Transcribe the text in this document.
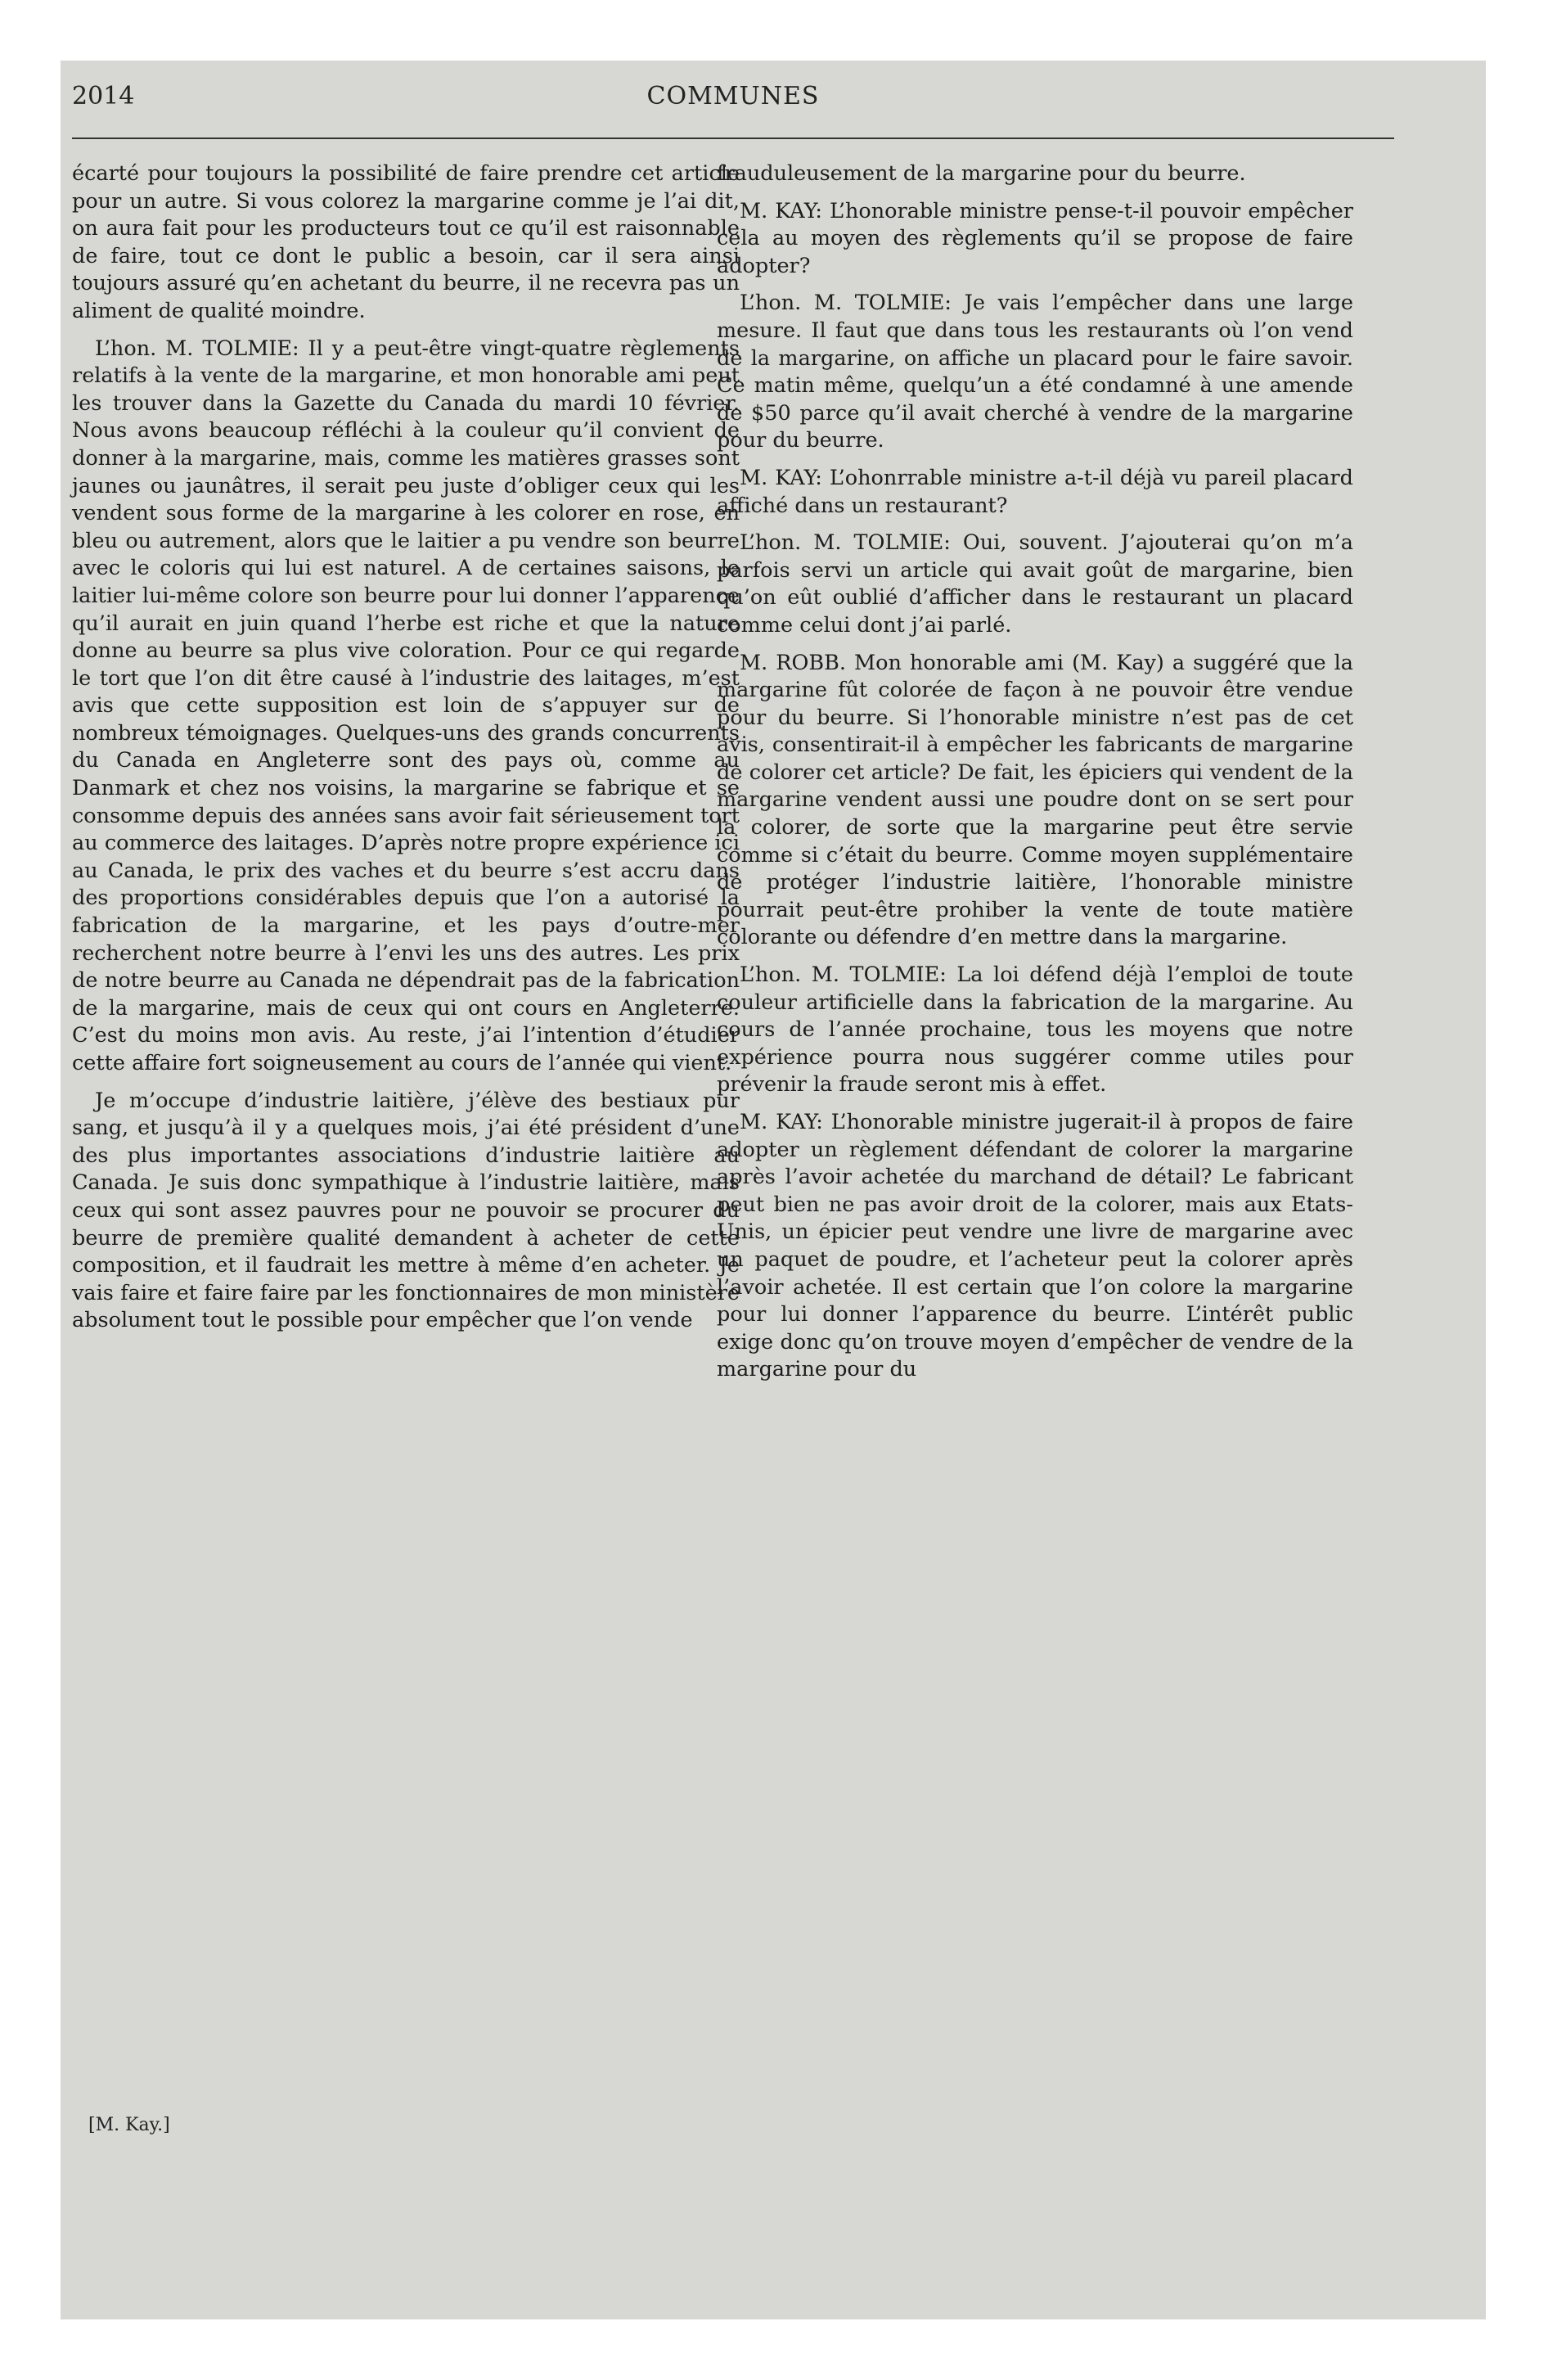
2014	COMMUNES

écarté pour toujours la possibilité de faire prendre cet article pour un autre. Si vous colorez la margarine comme je l’ai dit, on aura fait pour les producteurs tout ce qu’il est raisonnable de faire, tout ce dont le public a besoin, car il sera ainsi toujours assuré qu’en achetant du beurre, il ne recevra pas un aliment de qualité moindre.

L’hon. M. TOLMIE: Il y a peut-être vingt-quatre règlements relatifs à la vente de la margarine, et mon honorable ami peut les trouver dans la Gazette du Canada du mardi 10 février. Nous avons beaucoup réfléchi à la couleur qu’il convient de donner à la margarine, mais, comme les matières grasses sont jaunes ou jaunâtres, il serait peu juste d’obliger ceux qui les vendent sous forme de la margarine à les colorer en rose, en bleu ou autrement, alors que le laitier a pu vendre son beurre avec le coloris qui lui est naturel. A de certaines saisons, le laitier lui-même colore son beurre pour lui donner l’apparence qu’il aurait en juin quand l’herbe est riche et que la nature donne au beurre sa plus vive coloration. Pour ce qui regarde le tort que l’on dit être causé à l’industrie des laitages, m’est avis que cette supposition est loin de s’appuyer sur de nombreux témoignages. Quelques-uns des grands concurrents du Canada en Angleterre sont des pays où, comme au Danmark et chez nos voisins, la margarine se fabrique et se consomme depuis des années sans avoir fait sérieusement tort au commerce des laitages. D’après notre propre expérience ici au Canada, le prix des vaches et du beurre s’est accru dans des proportions considérables depuis que l’on a autorisé la fabrication de la margarine, et les pays d’outre-mer recherchent notre beurre à l’envi les uns des autres. Les prix de notre beurre au Canada ne dépendrait pas de la fabrication de la margarine, mais de ceux qui ont cours en Angleterre. C’est du moins mon avis. Au reste, j’ai l’intention d’étudier cette affaire fort soigneusement au cours de l’année qui vient.

Je m’occupe d’industrie laitière, j’élève des bestiaux pur sang, et jusqu’à il y a quelques mois, j’ai été président d’une des plus importantes associations d’industrie laitière au Canada. Je suis donc sympathique à l’industrie laitière, mais ceux qui sont assez pauvres pour ne pouvoir se procurer du beurre de première qualité demandent à acheter de cette composition, et il faudrait les mettre à même d’en acheter. Je vais faire et faire faire par les fonctionnaires de mon ministère absolument tout le possible pour empêcher que l’on vende

frauduleusement de la margarine pour du beurre.

M. KAY: L’honorable ministre pense-t-il pouvoir empêcher cela au moyen des règlements qu’il se propose de faire adopter?

L’hon. M. TOLMIE: Je vais l’empêcher dans une large mesure. Il faut que dans tous les restaurants où l’on vend de la margarine, on affiche un placard pour le faire savoir. Ce matin même, quelqu’un a été condamné à une amende de $50 parce qu’il avait cherché à vendre de la margarine pour du beurre.

M. KAY: L’ohonrrable ministre a-t-il déjà vu pareil placard affiché dans un restaurant?

L’hon. M. TOLMIE: Oui, souvent. J’ajouterai qu’on m’a parfois servi un article qui avait goût de margarine, bien qu’on eût oublié d’afficher dans le restaurant un placard comme celui dont j’ai parlé.

M. ROBB. Mon honorable ami (M. Kay) a suggéré que la margarine fût colorée de façon à ne pouvoir être vendue pour du beurre. Si l’honorable ministre n’est pas de cet avis, consentirait-il à empêcher les fabricants de margarine de colorer cet article? De fait, les épiciers qui vendent de la margarine vendent aussi une poudre dont on se sert pour la colorer, de sorte que la margarine peut être servie comme si c’était du beurre. Comme moyen supplémentaire de protéger l’industrie laitière, l’honorable ministre pourrait peut-être prohiber la vente de toute matière colorante ou défendre d’en mettre dans la margarine.

L’hon. M. TOLMIE: La loi défend déjà l’emploi de toute couleur artificielle dans la fabrication de la margarine. Au cours de l’année prochaine, tous les moyens que notre expérience pourra nous suggérer comme utiles pour prévenir la fraude seront mis à effet.

M. KAY: L’honorable ministre jugerait-il à propos de faire adopter un règlement défendant de colorer la margarine après l’avoir achetée du marchand de détail? Le fabricant peut bien ne pas avoir droit de la colorer, mais aux Etats-Unis, un épicier peut vendre une livre de margarine avec un paquet de poudre, et l’acheteur peut la colorer après l’avoir achetée. Il est certain que l’on colore la margarine pour lui donner l’apparence du beurre. L’intérêt public exige donc qu’on trouve moyen d’empêcher de vendre de la margarine pour du

[M. Kay.]
